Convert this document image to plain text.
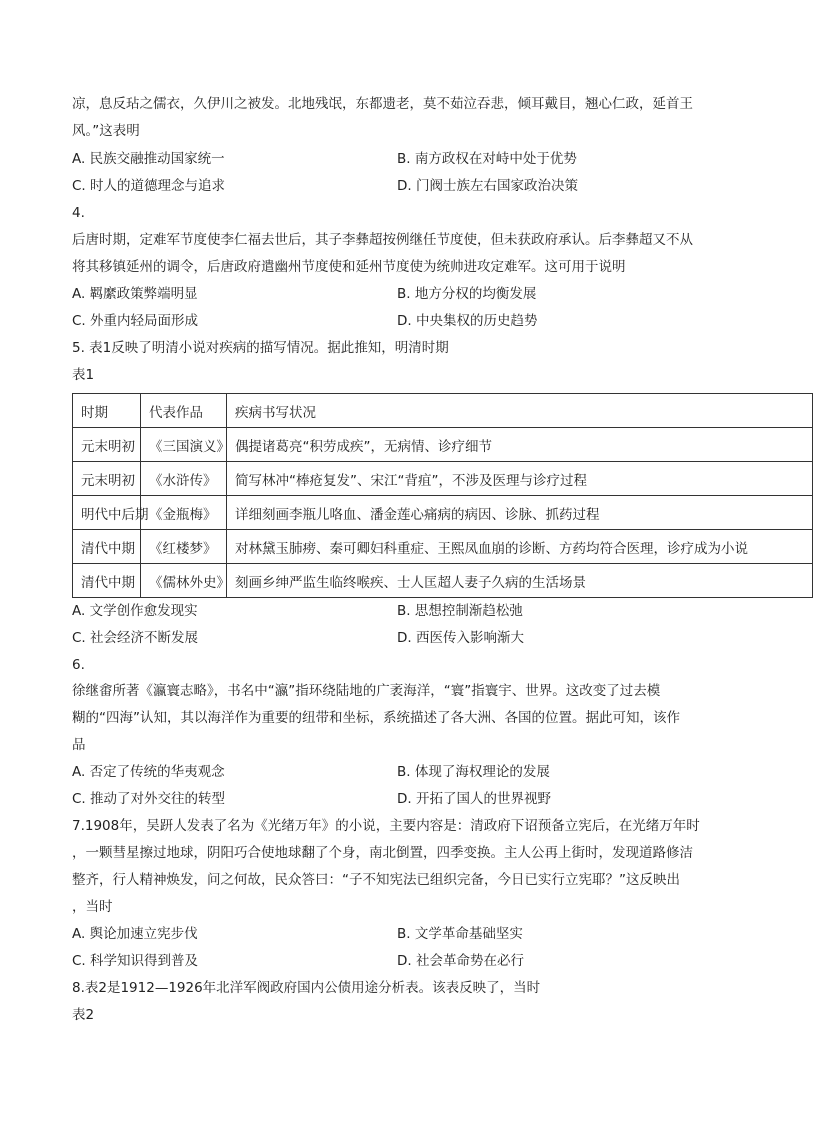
凉，息反玷之儒衣，久伊川之被发。北地残氓，东都遗老，莫不茹泣吞悲，倾耳戴目，翘心仁政，延首王
风。”这表明
A. 民族交融推动国家统一	B. 南方政权在对峙中处于优势
C. 时人的道德理念与追求	D. 门阀士族左右国家政治决策
4.
后唐时期，定难军节度使李仁福去世后，其子李彝超按例继任节度使，但未获政府承认。后李彝超又不从
将其移镇延州的调令，后唐政府遣幽州节度使和延州节度使为统帅进攻定难军。这可用于说明
A. 羁縻政策弊端明显	B. 地方分权的均衡发展
C. 外重内轻局面形成	D. 中央集权的历史趋势
5. 表1反映了明清小说对疾病的描写情况。据此推知，明清时期
表1
时期	代表作品	疾病书写状况
元末明初	《三国演义》	偶提诸葛亮“积劳成疾”，无病情、诊疗细节
元末明初	《水浒传》	简写林冲“棒疮复发”、宋江“背疽”，不涉及医理与诊疗过程
明代中后期	《金瓶梅》	详细刻画李瓶儿咯血、潘金莲心痛病的病因、诊脉、抓药过程
清代中期	《红楼梦》	对林黛玉肺痨、秦可卿妇科重症、王熙凤血崩的诊断、方药均符合医理，诊疗成为小说
清代中期	《儒林外史》	刻画乡绅严监生临终喉疾、士人匡超人妻子久病的生活场景
A. 文学创作愈发现实	B. 思想控制渐趋松弛
C. 社会经济不断发展	D. 西医传入影响渐大
6.
徐继畬所著《瀛寰志略》，书名中“瀛”指环绕陆地的广袤海洋，“寰”指寰宇、世界。这改变了过去模
糊的“四海”认知，其以海洋作为重要的纽带和坐标，系统描述了各大洲、各国的位置。据此可知，该作
品
A. 否定了传统的华夷观念	B. 体现了海权理论的发展
C. 推动了对外交往的转型	D. 开拓了国人的世界视野
7.1908年，吴趼人发表了名为《光绪万年》的小说，主要内容是：清政府下诏预备立宪后，在光绪万年时
，一颗彗星擦过地球，阴阳巧合使地球翻了个身，南北倒置，四季变换。主人公再上街时，发现道路修洁
整齐，行人精神焕发，问之何故，民众答曰：“子不知宪法已组织完备，今日已实行立宪耶？”这反映出
，当时
A. 舆论加速立宪步伐	B. 文学革命基础坚实
C. 科学知识得到普及	D. 社会革命势在必行
8.表2是1912—1926年北洋军阀政府国内公债用途分析表。该表反映了，当时
表2
